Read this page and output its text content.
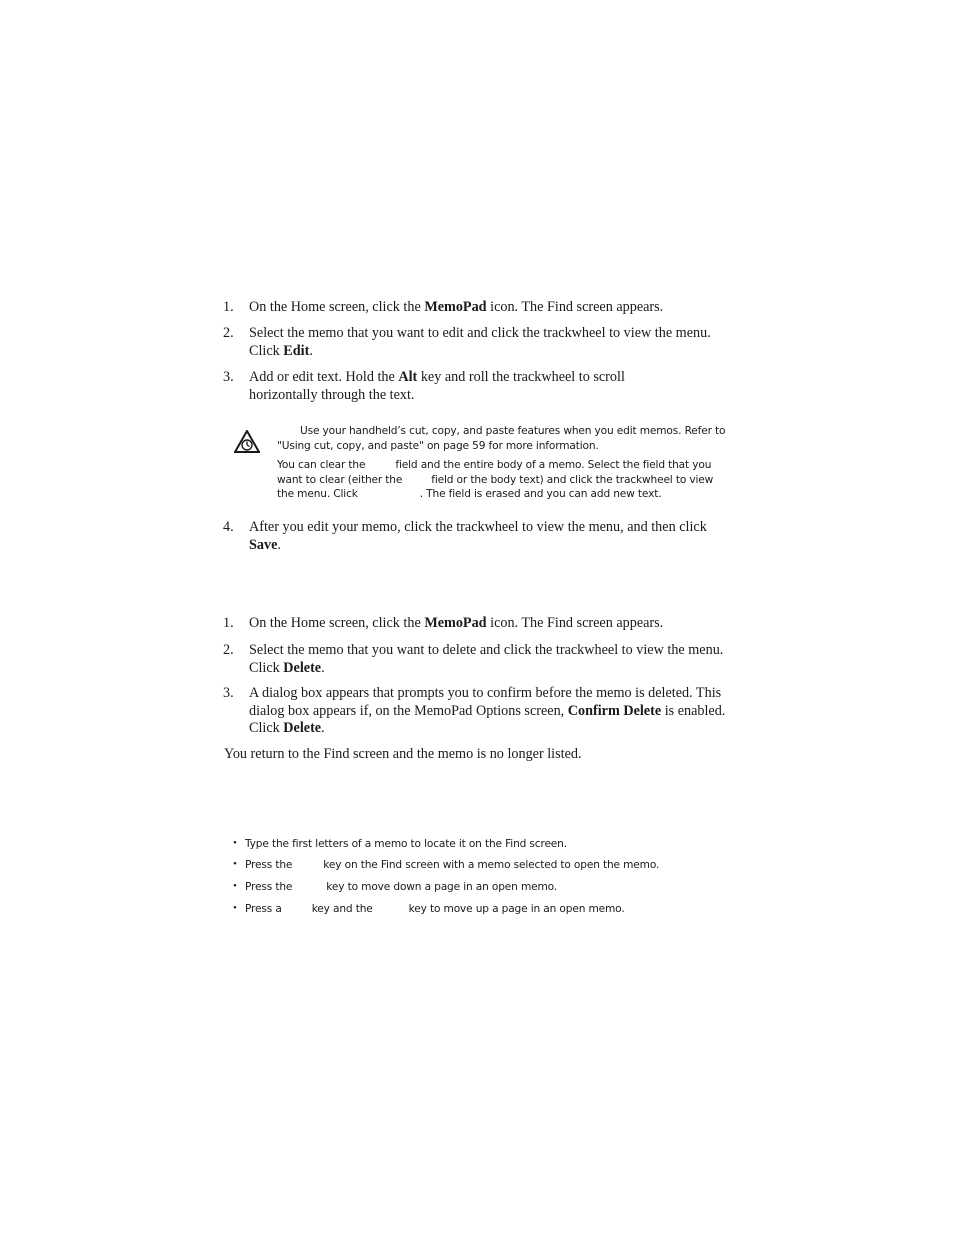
1.	On the Home screen, click the MemoPad icon. The Find screen appears.
2.	Select the memo that you want to edit and click the trackwheel to view the menu. Click Edit.
3.	Add or edit text. Hold the Alt key and roll the trackwheel to scroll horizontally through the text.
Use your handheld’s cut, copy, and paste features when you edit memos. Refer to "Using cut, copy, and paste" on page 59 for more information.
You can clear the	field and the entire body of a memo. Select the field that you want to clear (either the	field or the body text) and click the trackwheel to view the menu. Click	. The field is erased and you can add new text.
4.	After you edit your memo, click the trackwheel to view the menu, and then click Save.
1.	On the Home screen, click the MemoPad icon. The Find screen appears.
2.	Select the memo that you want to delete and click the trackwheel to view the menu. Click Delete.
3.	A dialog box appears that prompts you to confirm before the memo is deleted. This dialog box appears if, on the MemoPad Options screen, Confirm Delete is enabled. Click Delete.
You return to the Find screen and the memo is no longer listed.
• Type the first letters of a memo to locate it on the Find screen.
• Press the	key on the Find screen with a memo selected to open the memo.
• Press the	key to move down a page in an open memo.
• Press a	key and the	key to move up a page in an open memo.
